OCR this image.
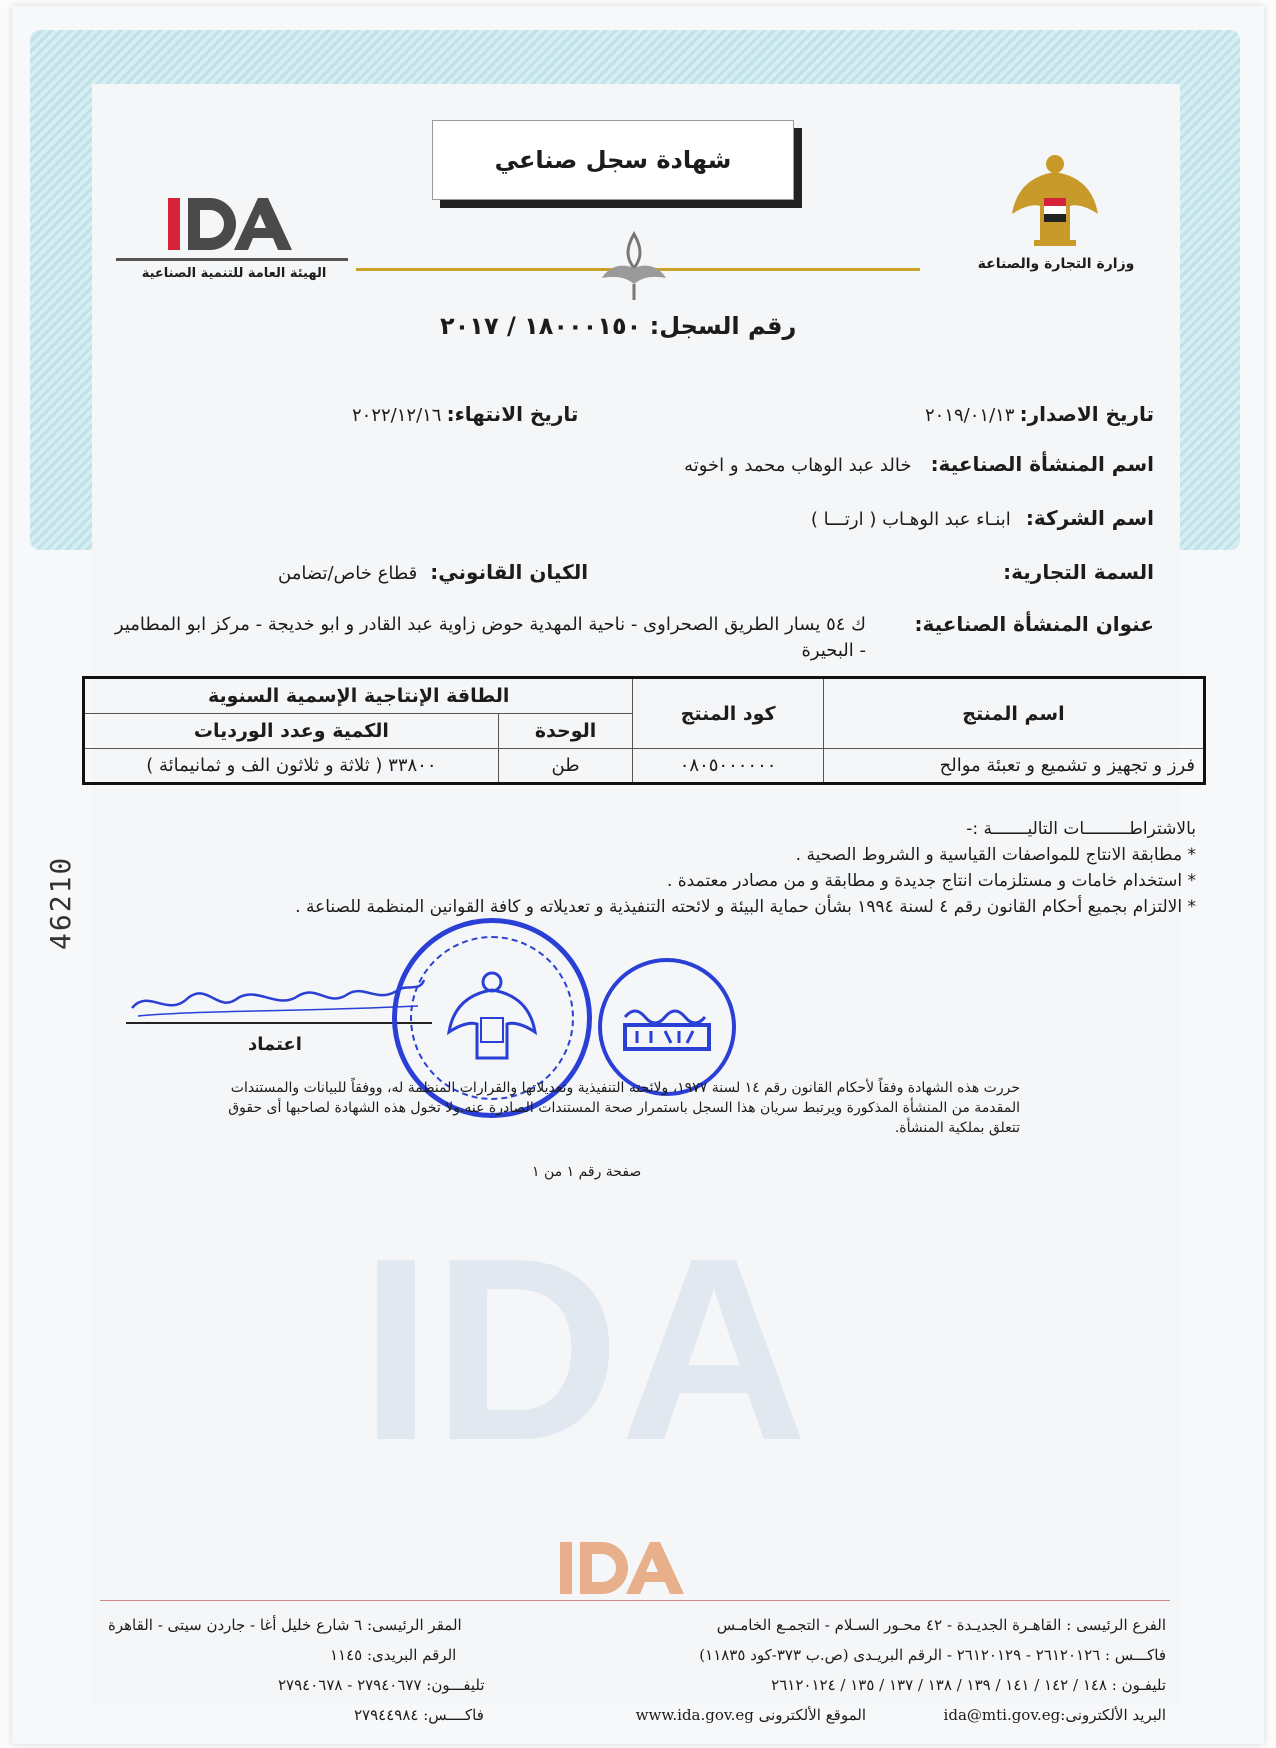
IDA
شهادة سجل صناعي
الهيئة العامة للتنمية الصناعية
وزارة التجارة والصناعة
رقم السجل: ١٨٠٠٠١٥٠ / ٢٠١٧
تاريخ الاصدار: ٢٠١٩/٠١/١٣
تاريخ الانتهاء: ٢٠٢٢/١٢/١٦
اسم المنشأة الصناعية: خالد عبد الوهاب محمد و اخوته
اسم الشركة: ابنـاء عبد الوهـاب ( ارتـــا )
السمة التجارية:
الكيان القانوني: قطاع خاص/تضامن
عنوان المنشأة الصناعية:
ك ٥٤ يسار الطريق الصحراوى - ناحية المهدية حوض زاوية عبد القادر و ابو خديجة - مركز ابو المطامير - البحيرة
اسم المنتج	كود المنتج	الطاقة الإنتاجية الإسمية السنوية	
		الوحدة	الكمية وعدد الورديات
فرز و تجهيز و تشميع و تعبئة موالح	٠٨٠٥٠٠٠٠٠٠	طن	٣٣٨٠٠ ( ثلاثة و ثلاثون الف و ثمانيمائة )
بالاشتراطـــــــــات التاليـــــــة :-
* مطابقة الانتاج للمواصفات القياسية و الشروط الصحية .
* استخدام خامات و مستلزمات انتاج جديدة و مطابقة و من مصادر معتمدة .
* الالتزام بجميع أحكام القانون رقم ٤ لسنة ١٩٩٤ بشأن حماية البيئة و لائحته التنفيذية و تعديلاته و كافة القوانين المنظمة للصناعة .
46210
اعتماد
حررت هذه الشهادة وفقاً لأحكام القانون رقم ١٤ لسنة ١٩٧٧، ولائحته التنفيذية وتعديلاتها والقرارات المنظمة له، ووفقاً للبيانات والمستندات المقدمة من المنشأة المذكورة ويرتبط سريان هذا السجل باستمرار صحة المستندات الصادرة عنه.ولا تخول هذه الشهادة لصاحبها أى حقوق تتعلق بملكية المنشأة.
صفحة رقم ١ من ١
الفرع الرئيسى : القاهـرة الجديـدة - ٤٢ محـور السـلام - التجمـع الخامـس
فاكـــس : ٢٦١٢٠١٢٦ - ٢٦١٢٠١٢٩ - الرقم البريـدى (ص.ب ٣٧٣-كود ١١٨٣٥)
تليفـون : ١٤٨ / ١٤٢ / ١٤١ / ١٣٩ / ١٣٨ / ١٣٧ / ١٣٥ / ٢٦١٢٠١٢٤
البريد الألكترونى:ida@mti.gov.eg
الموقع الألكترونى www.ida.gov.eg
المقر الرئيسى: ٦ شارع خليل أغا - جاردن سيتى - القاهرة
الرقم البريدى: ١١٤٥
تليفـــون: ٢٧٩٤٠٦٧٧ - ٢٧٩٤٠٦٧٨
فاكــــس: ٢٧٩٤٤٩٨٤
